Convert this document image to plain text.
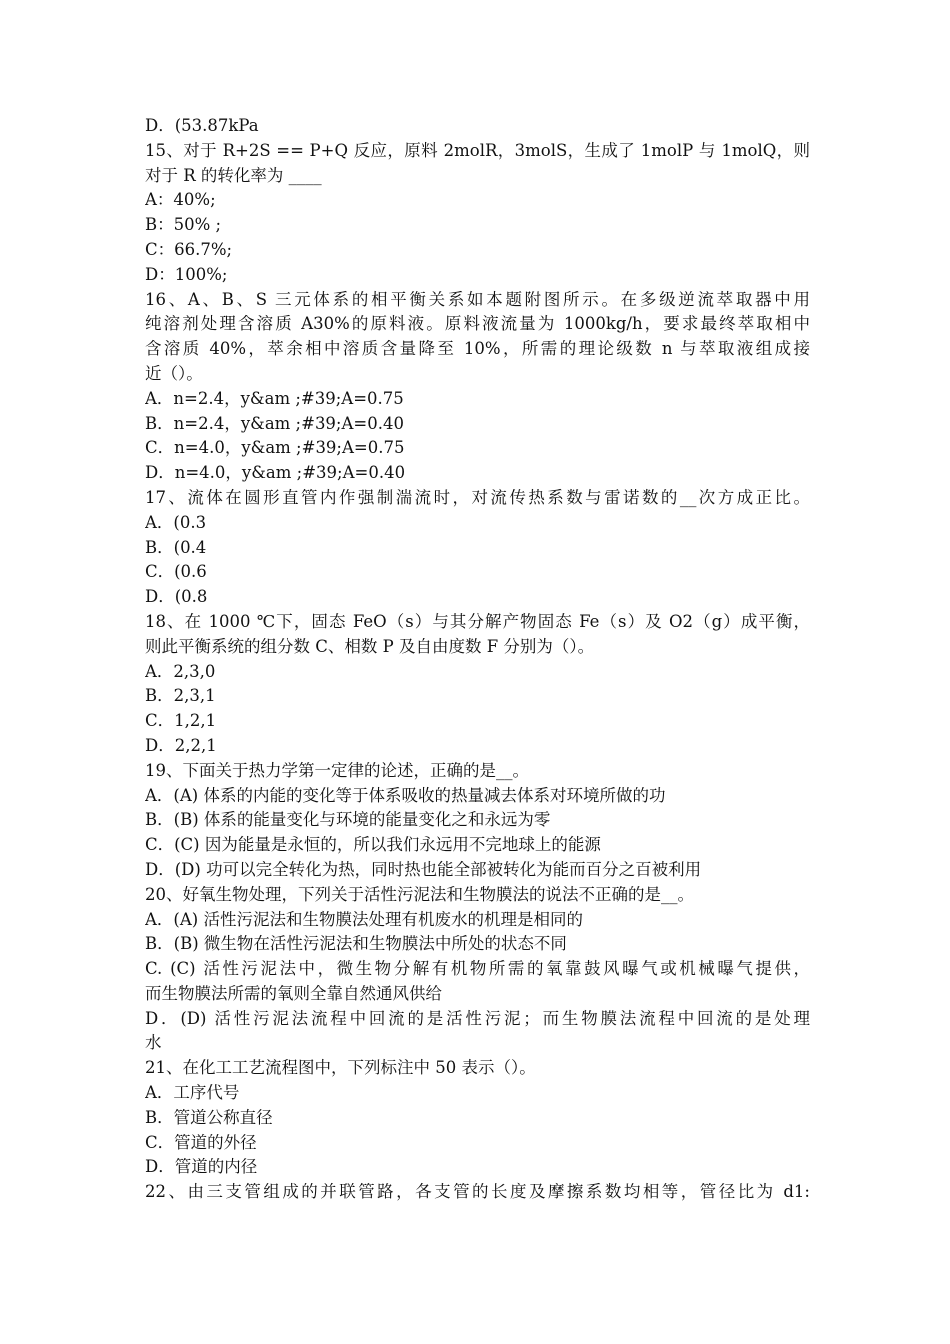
D．(53.87kPa
15、对于 R+2S == P+Q 反应，原料 2molR，3molS，生成了 1molP 与 1molQ，则
对于 R 的转化率为 ____
A：40%;
B：50% ;
C：66.7%;
D：100%;
16、A、B、S 三元体系的相平衡关系如本题附图所示。在多级逆流萃取器中用
纯溶剂处理含溶质 A30%的原料液。原料液流量为 1000kg/h，要求最终萃取相中
含溶质 40%，萃余相中溶质含量降至 10%，所需的理论级数 n 与萃取液组成接
近（）。
A．n=2.4，y&am ;#39;A=0.75
B．n=2.4，y&am ;#39;A=0.40
C．n=4.0，y&am ;#39;A=0.75
D．n=4.0，y&am ;#39;A=0.40
17、流体在圆形直管内作强制湍流时，对流传热系数与雷诺数的__次方成正比。
A．(0.3
B．(0.4
C．(0.6
D．(0.8
18、在 1000 ℃下，固态 FeO（s）与其分解产物固态 Fe（s）及 O2（g）成平衡，
则此平衡系统的组分数 C、相数 P 及自由度数 F 分别为（）。
A．2,3,0
B．2,3,1
C．1,2,1
D．2,2,1
19、下面关于热力学第一定律的论述，正确的是__。
A．(A) 体系的内能的变化等于体系吸收的热量减去体系对环境所做的功
B．(B) 体系的能量变化与环境的能量变化之和永远为零
C．(C) 因为能量是永恒的，所以我们永远用不完地球上的能源
D．(D) 功可以完全转化为热，同时热也能全部被转化为能而百分之百被利用
20、好氧生物处理，下列关于活性污泥法和生物膜法的说法不正确的是__。
A．(A) 活性污泥法和生物膜法处理有机废水的机理是相同的
B．(B) 微生物在活性污泥法和生物膜法中所处的状态不同
C. (C) 活性污泥法中，微生物分解有机物所需的氧靠鼓风曝气或机械曝气提供，
而生物膜法所需的氧则全靠自然通风供给
D．(D) 活性污泥法流程中回流的是活性污泥；而生物膜法流程中回流的是处理
水
21、在化工工艺流程图中，下列标注中 50 表示（）。
A．工序代号
B．管道公称直径
C．管道的外径
D．管道的内径
22、由三支管组成的并联管路，各支管的长度及摩擦系数均相等，管径比为 d1:
